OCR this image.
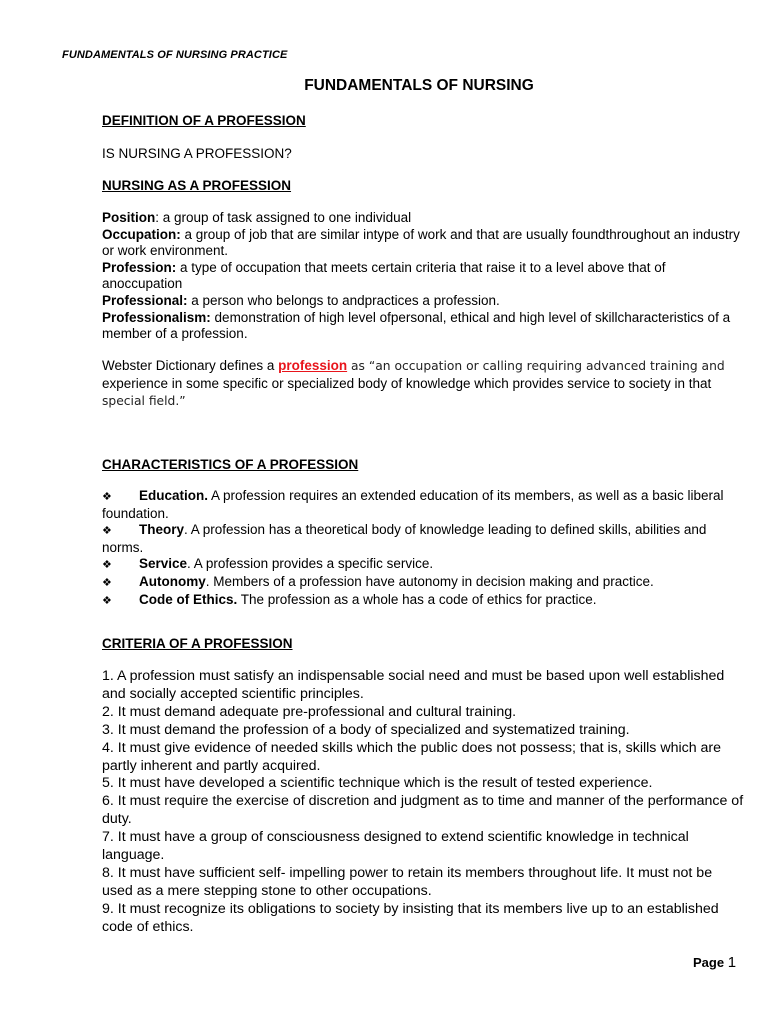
FUNDAMENTALS OF NURSING PRACTICE
FUNDAMENTALS OF NURSING
DEFINITION OF A PROFESSION
IS NURSING A PROFESSION?
NURSING AS A PROFESSION

Position: a group of task assigned to one individual

Occupation: a group of job that are similar intype of work and that are usually foundthroughout an industry or work environment.

Profession: a type of occupation that meets certain criteria that raise it to a level above that of anoccupation

Professional: a person who belongs to andpractices a profession.

Professionalism: demonstration of high level ofpersonal, ethical and high level of skillcharacteristics of a member of a profession.

Webster Dictionary defines a profession as “an occupation or calling requiring advanced training and
experience in some specific or specialized body of knowledge which provides service to society in that
special field.”
CHARACTERISTICS OF A PROFESSION

❖ Education. A profession requires an extended education of its members, as well as a basic liberal foundation.

❖ Theory. A profession has a theoretical body of knowledge leading to defined skills, abilities and norms.

❖ Service. A profession provides a specific service.

❖ Autonomy. Members of a profession have autonomy in decision making and practice.

❖ Code of Ethics. The profession as a whole has a code of ethics for practice.

CRITERIA OF A PROFESSION

1. A profession must satisfy an indispensable social need and must be based upon well established and socially accepted scientific principles.

2. It must demand adequate pre-professional and cultural training.

3. It must demand the profession of a body of specialized and systematized training.

4. It must give evidence of needed skills which the public does not possess; that is, skills which are partly inherent and partly acquired.

5. It must have developed a scientific technique which is the result of tested experience.

6. It must require the exercise of discretion and judgment as to time and manner of the performance of duty.

7. It must have a group of consciousness designed to extend scientific knowledge in technical language.

8. It must have sufficient self- impelling power to retain its members throughout life. It must not be used as a mere stepping stone to other occupations.

9. It must recognize its obligations to society by insisting that its members live up to an established code of ethics.

Page 1
